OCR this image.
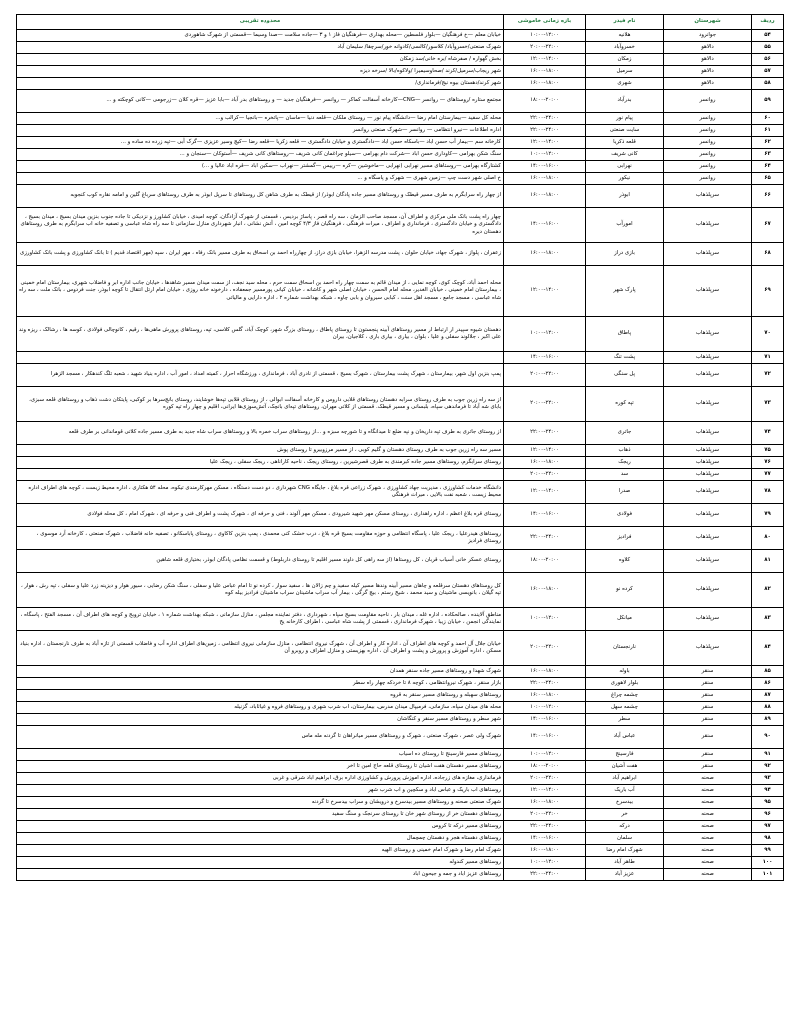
ردیف	شهرستان	نام فیدر	بازه زمانی خاموشی	محدوده تقریبی
۵۴	جوانرود	هلانیه	۱۰:۰۰-۱۲:۰۰	خیابان معلم —خ فرهنگیان —بلوار فلسطین —محله بهداری —فرهنگیان فاز ۱ و ۳ —جاده سلامت —صدا وسیما —قسمتی از شهرک شاهوردی
۵۵	دالاهو	خسروآباد	۲۰:۰۰-۲۲:۰۰	شهرک صنعتی/خسروآباد/ کلاسور/کالسی/کادوانه خور/سرچقا/ سلیمان آباد
۵۶	دالاهو	زمکان	۱۲:۰۰-۱۴:۰۰	بخش گهواره / صفرشاه /بره خانی/سد زمکان
۵۷	دالاهو	سرمیل	۱۶:۰۰-۱۸:۰۰	شهر ریجاب/سرمیل/کرند /صحاوسیمیرا /ولاکوه/بالا /سرخه دیزه
۵۸	دالاهو	شهری	۱۶:۰۰-۱۸:۰۰	شهر کرند/دهستان بیوه نیج/فرمانداری/
۵۹	روانسر	بدرآباد	۱۸:۰۰-۲۰:۰۰	مجتمع ستاره /روستاهای — روانسر —CNG—کارخانه آسفالت کماکر — روانسر —فرهنگیان جدید — و روستاهای بدر آباد —بابا عزیز —قره کلان —زرجومی —کانی کوچکته و ...
۶۰	روانسر	پیام نور	۲۲:۰۰-۲۴:۰۰	محله کل سفید —بیمارستان امام رضا —دانشگاه پیام نور — روستای ملکان —قلعه دنیا —ماسان —پاتخره —بانجیا —کرالب و...
۶۱	روانسر	سایت صنعتی	۲۲:۰۰-۲۴:۰۰	اداره اطلاعات —نیرو انتظامی — روانسر —شهرک صنعتی روانسر
۶۲	روانسر	قلعه ذکریا	۱۲:۰۰-۱۴:۰۰	کارخانه سم —بیمار آب حسن اباد —باسکاه حسن اباد —دادگستری و خیابان دادگستری — قلعه زکریا —قلعه رضا —کیچ وسیر عزیزی —گرک آبی —تپه زرده ده ساده و ...
۶۳	روانسر	کانی شریف	۱۰:۰۰-۱۲:۰۰	سنگ شکن بهرامی —کاوداری حسن اباد —شرکت دام بهرامی —سیلو چراغمان کانی شریف —روستاهای کانی شریف —آستوکان —سنجان و ...
۶۴	روانسر	نهرابی	۱۴:۰۰-۱۶:۰۰	کشتارگاه بهرامی —روستاهای مسیر نهرابی (نهرابی —ماخوشین —کره —رییس —گمشتر —نهراب —سکین اباد —قره اباد عالیا و ...)
۶۵	روانسر	نیکور	۱۶:۰۰-۱۸:۰۰	خ اصلی شهر دست چپ —زمین شهری — شهرک و پاسگاه و ...
۶۶	سرپلذهاب	ابوذر	۱۶:۰۰-۱۸:۰۰	از چهار راه سرابگرم به طرف مسیر قیطک و روستاهای مسیر جاده پادگان ابوذر/ از قیطک به طرف شاهن کل روستاهای تا سرپل ابوذر به طرف روستاهای سرباغ گلین و امامه نقاره کوب کنجوبه
۶۷	سرپلذهاب	امورآب	۱۴:۰۰-۱۶:۰۰	چهار راه پشت بانک ملی مرکزی و اطراف آن، مسجد صاحب الزمان ، سه راه قصر ، پاساژ بردیس ، قسمتی از شهرک آزادگان، کوچه امیدی ، خیابان کشاورز و نزدیکی تا جاده جنوب بنزین میدان بسیج ، میدان بسیج ، دادگستری و خیابان دادگستری ، فرمانداری و اطراف ، میرات فرهنگی ، فرهنگیان فاز ۴/۳ کوچه امین ، آتش نشانی ، انبار شهرداری منازل سازمانی تا سه راه شاه عباسی و تصفیه خانه اب سرابگرم به طرف روستاهای دهستان دیره
۶۸	سرپلذهاب	بازی دراز	۱۶:۰۰-۱۸:۰۰	زعفران ، پلواز ، شهرک جهاد، خیابان حلوان ، پشت مدرسه الزهرا، خیابان بازی دراز، از چهارراه احمد بن اسحاق به طرف مسیر بانک رفاه ، مهر ایران ، سپه (مهر اقتصاد قدیم ) تا بانک کشاورزی و پشت بانک کشاورزی
۶۹	سرپلذهاب	پارک شهر	۱۲:۰۰-۱۴:۰۰	محله احمد آباد، کوچک کوی، کوچه نمایی ، از میدان قائم به سمت چهار راه احمد بن اسحاق سمت حرم ، محله سید نجف، از سمت میدان مسیر شاهدها ، خیابان جانب اداره ابر و فاضلاب شهری، بیمارستان امام خمینی ، بیمارستان امام خمینی ، خیابان الغدیر، محله امام الحسن ، خیابان اصلی شهر و کاشانه ، خیابان کیانی پورمسیر جمعفاده ، دارخونه خانه روزی ، خیابان امام ارتل انتقال تا کوچه ابوذر، جنت فردوس ، بانک ملت ، سه راه شاه عباسی ، مسجد جامع ، مسجد اهل سنت ، کبابی سیروان و بابی چاوه ، شبکه بهداشت شماره ۲ ، اداره دارایی و مالیاتی
۷۰	سرپلذهاب	پاطاق	۱۰:۰۰-۱۲:۰۰	دهستان شیوه سپیدر ار ارتباط ار مسیر روستاهای آبینه پنجستون تا روستای پاطاق ، روستای بزرگ شهر، کوچک آباد، گلس کلاسی، تپه، روستاهای پرورش ماهی‌ها ، رقیم ، کانوچالی فولادی ، کوسه ها ، رشالک ، ریزه وند علی اکبر ، جلالوند سفلی و علیا ، بلوان ، بیاری ، بیاری باری ، کلاجیان، بیران
۷۱	سرپلذهاب	پشت تنگ	۱۴:۰۰-۱۶:۰۰	
۷۲	سرپلذهاب	پل سنگی	۲۰:۰۰-۲۲:۰۰	پمپ بنزین اول شهر، بیمارستان ، شهرک پشت بیمارستان ، شهرک بسیج ، قسمتی از نادری آباد ، فرمانداری ، ورزشگاه احرار ، کمیته امداد ، امور آب ، اداره بنیاد شهید ، شعبه تلگ کندهکار ، مسجد الزهرا
۷۳	سرپلذهاب	تپه کوره	۲۰:۰۰-۲۲:۰۰	از سه راه زرین جوب به طرف روستای سرابه دهستان روستاهای قلابی داروس و کارخانه آسفالت ابوالی ، از روستای قلابی تپه‌ها خوشایند، روستای بانچ‌سرها بر کوکبی، پایتکان دشت ذهاب و روستاهای قلعه سبزی، بابای شه آباد تا فرماندهی سپاه، بلبسانی و مسیر قیطک. قسمتی از کلاتی مهران، روستاهای تپه‌ای بانچک، آتش‌سوزی‌ها ایرانی، اقلیم و چهار راه تپه کوره
۷۴	سرپلذهاب	جاتری	۲۲:۰۰-۲۴:۰۰	از روستای جاتری به طرف تپه داریخان و نپه ضلع تا میدانگاه و تا شورچه سبزه و ...از روستاهای سراب خمره بالا و روستاهای سراب شاه جدید به طرف مسیر جاده کلاتی قوماندانی بر طرف قلعه
۷۵	سرپلذهاب	ذهاب	۱۲:۰۰-۱۴:۰۰	مسیر سه راه زرین جوب به طرف روستای دهستان و گلیم کوبی ، از مسیر مرزوبیرو تا روستای پوش
۷۶	سرپلذهاب	ریجک	۱۶:۰۰-۱۸:۰۰	روستای سرابگرم، روستاهای مسیر جاده کبرمندی به طرف قصرشیرین ، روستای ریجک ، ناحیه کاراناهی ، ریجک سفلی ، ریجک علیا
۷۷	سرپلذهاب	سد	۲۰:۰۰-۲۲:۰۰	
۷۸	سرپلذهاب	صدرا	۱۲:۰۰-۱۴:۰۰	دانشگاه خدمات کشاورزی ، مدیریت جهاد کشاورزی ، شهرک زراعی قره بلاغ ، جایگاه CNG شهرداری ، دو دست دستگاه ، مسکن مهرکارمندی تیکوه، محله ۵۴ هکتاری ، اداره محیط زیست ، کوچه های اطراف اداره محیط زیست ، شعبه نفت بالایی ، میراث فرهنگی
۷۹	سرپلذهاب	فولادی	۱۴:۰۰-۱۶:۰۰	روستای قره بلاغ اعظم ، اداره راهداری ، روستای مسکن مهر شهید شیرودی ، مسکن مهر آلوند ، فنی و حرفه ای ، شهرک پشت و اطراف فنی و حرفه ای ، شهرک امام ، کل محله فولادی
۸۰	سرپلذهاب	فرادیز	۲۲:۰۰-۲۴:۰۰	روستاهای هیدرعلیا ، ریجک علیا ، پاسگاه انتظامی و حوزه مقاومت بسیج قره بلاغ ، درب خشک کنی محمدی ، پمپ بنزین کاکاوی ، روستای پاباسکانو ، تصفیه خانه فاضلاب ، شهرک صنعتی ، کارخانه آرد موسوی ، روستای فرادیز
۸۱	سرپلذهاب	کلاوه	۱۸:۰۰-۲۰:۰۰	روستای عسکر خانی آسیاب قربان ، کل روستاها (از سه راهی کل داوند مسیر اقلیم تا روستای داربلوط) و قسمت نظامی پادگان ابوذر، بختیاری قلعه شاهین
۸۲	سرپلذهاب	کرده نو	۱۶:۰۰-۱۸:۰۰	کل روستاهای دهستان سرقلعه و چاهان مسیر آبینه وندها مسیر کیله سفید و چم زالان ها ، سفید سوار ، کرده نو تا امام عباس علیا و سفلی ، سنگ شکن رضایی ، سیور هوار و دیزینه زرد علیا و سفلی ، تپه رش ، هوار ، تپه گیلان ، بانویسی ماشینان و سید محمد ، شیخ رستم ، بیچ گرگی ، بیمار آب سراب ماشینان سراب ماشینان فرادیز بیله کوه
۸۳	سرپلذهاب	میانکل	۱۰:۰۰-۱۲:۰۰	مناطق آلاینده ، صالحکاده ، اداره غله ، میدان بار ، ناحیه مقاومت بسیج سپاه ، شهرداری ، دفتر نماینده مجلس ، منازل سازمانی ، شبکه بهداشت شماره ۱ ، خیابان تروبج و کوچه های اطراف آن ، مسجد الفتح ، پاسگاه ، نمایندگی انجمن ، خیابان زیبا ، شهرک فرمانداری ، قسمتی از پشت شاه عباسی ، اطراف کارخانه یخ
۸۴	سرپلذهاب	نارنجستان	۲۰:۰۰-۲۲:۰۰	خیابان جلال آل احمد و کوچه های اطراف آن ، اداره کار و اطراف آن ، شهرک نیروی انتظامی ، منازل سازمانی نیروی انتظامی ، زمین‌های اطراف اداره آب و فاضلاب قسمتی از تازه آباد به طرف نارنجستان ، اداره بنیاد مسکن ، اداره آموزش و پرورش و پشت و اطراف آن ، اداره بهزیستی و منازل اطراف و روبرو آن
۸۵	سنقر	باوله	۱۶:۰۰-۱۸:۰۰	شهرک شهدا و روستاهای مسیر جاده سنقر همدان
۸۶	سنقر	بلوار لاهوری	۲۲:۰۰-۲۴:۰۰	بازار سنقر ، شهرک نیروانتظامی ، کوچه ۸ تا خردکه چهار راه سطر
۸۷	سنقر	چشمه چراغ	۱۶:۰۰-۱۸:۰۰	روستاهای سهبله و روستاهای مسیر سنقر به قروه
۸۸	سنقر	چشمه سهل	۱۰:۰۰-۱۲:۰۰	محله های میدان سپاه، سازمانی، فرمیپال میدان مدرس، بیمارستان، اب شرب شهری و روستاهای فروه و غیاثاباد، گزنیله
۸۹	سنقر	سطر	۱۴:۰۰-۱۶:۰۰	شهر سطر و روستاهای مسیر سنقر و کنگاشان
۹۰	سنقر	عباس آباد	۱۴:۰۰-۱۶:۰۰	شهرک ولی عصر ، شهرک صنعتی ، شهرک و روستاهای مسیر میانراهان تا گردنه مله ماس
۹۱	سنقر	فارسینج	۱۰:۰۰-۱۲:۰۰	روستاهای مسیر فارسینج تا روستای ده اسیاب
۹۲	سنقر	هفت آشیان	۱۸:۰۰-۲۰:۰۰	روستاهای مسیر دهستان هفت اشیان تا روستای قلعه حاج امین تا اخر
۹۳	صحنه	ابراهیم آباد	۲۰:۰۰-۲۲:۰۰	فرمانداری، مغازه های زرجاده، اداره اموزش پرورش و کشاورزی اداره برق، ابراهیم اباد شرقی و غربی
۹۴	صحنه	آب باریک	۱۲:۰۰-۱۴:۰۰	روستاهای اب باریک و عباس اباد و سکچین و اب شرب شهر
۹۵	صحنه	بیدسرخ	۱۶:۰۰-۱۸:۰۰	شهرک صنعتی صحنه و روستاهای مسیر بیدسرخ و درویشان و سراب بیدسرخ تا گردنه
۹۶	صحنه	خر	۲۰:۰۰-۲۲:۰۰	روستاهای دهستان خر از روستای شهر خان تا روستای سرنجک و سنگ سفید
۹۷	صحنه	درکه	۲۲:۰۰-۲۴:۰۰	روستاهای مسیر درکه تا کروس
۹۸	صحنه	سلمان	۱۴:۰۰-۱۶:۰۰	روستاهای دهستاه هجر و دهستان چمچمال
۹۹	صحنه	شهرک امام رضا	۱۶:۰۰-۱۸:۰۰	شهرک امام رضا و شهرک امام خمینی و روستای الهیه
۱۰۰	صحنه	طاهر آباد	۱۰:۰۰-۱۲:۰۰	روستاهای مسیر کندوله
۱۰۱	صحنه	عزیز آباد	۲۲:۰۰-۲۴:۰۰	روستاهای عزیز اباد و جمه و جیحون اباد
